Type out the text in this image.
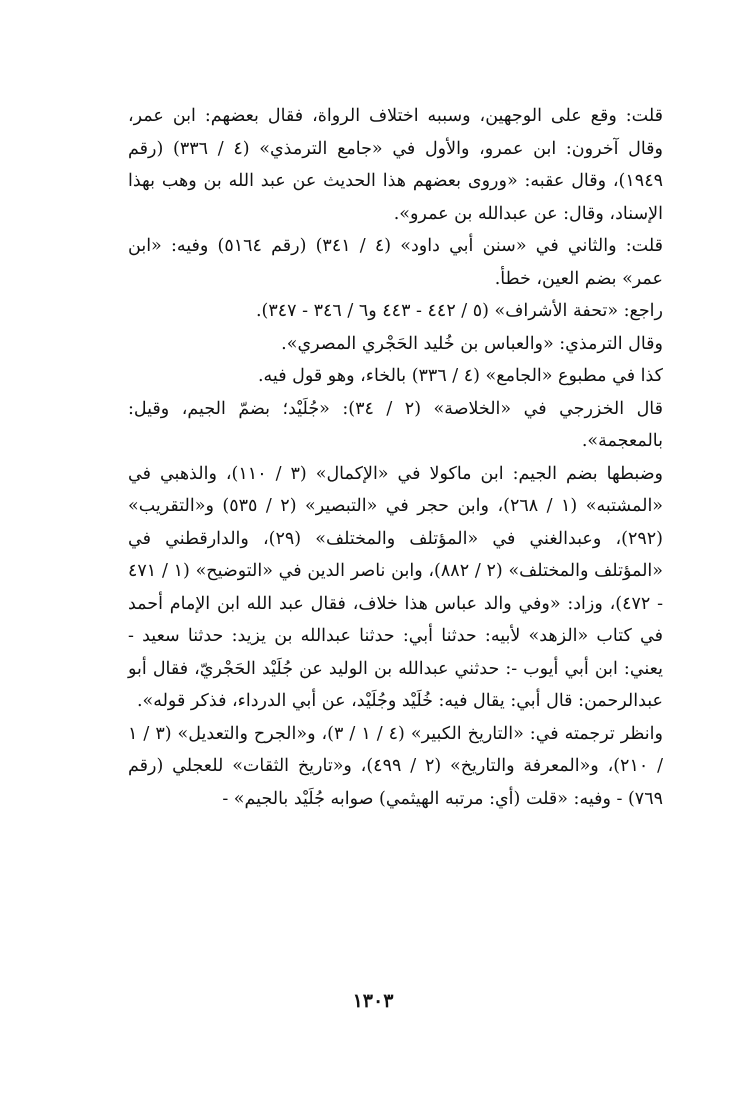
قلت: وقع على الوجهين، وسببه اختلاف الرواة، فقال بعضهم: ابن عمر، وقال آخرون: ابن عمرو، والأول في «جامع الترمذي» (٤ / ٣٣٦) (رقم ١٩٤٩)، وقال عقبه: «وروى بعضهم هذا الحديث عن عبد الله بن وهب بهذا الإسناد، وقال: عن عبدالله بن عمرو».

قلت: والثاني في «سنن أبي داود» (٤ / ٣٤١) (رقم ٥١٦٤) وفيه: «ابن عمر» بضم العين، خطأ.

راجع: «تحفة الأشراف» (٥ / ٤٤٢ - ٤٤٣ و٦ / ٣٤٦ - ٣٤٧).

وقال الترمذي: «والعباس بن خُليد الحَجْري المصري».

كذا في مطبوع «الجامع» (٤ / ٣٣٦) بالخاء، وهو قول فيه.

قال الخزرجي في «الخلاصة» (٢ / ٣٤): «جُلَيْد؛ بضمّ الجيم، وقيل: بالمعجمة».

وضبطها بضم الجيم: ابن ماكولا في «الإكمال» (٣ / ١١٠)، والذهبي في «المشتبه» (١ / ٢٦٨)، وابن حجر في «التبصير» (٢ / ٥٣٥) و«التقريب» (٢٩٢)، وعبدالغني في «المؤتلف والمختلف» (٢٩)، والدارقطني في «المؤتلف والمختلف» (٢ / ٨٨٢)، وابن ناصر الدين في «التوضيح» (١ / ٤٧١ - ٤٧٢)، وزاد: «وفي والد عباس هذا خلاف، فقال عبد الله ابن الإمام أحمد في كتاب «الزهد» لأبيه: حدثنا أبي: حدثنا عبدالله بن يزيد: حدثنا سعيد - يعني: ابن أبي أيوب -: حدثني عبدالله بن الوليد عن جُلَيْد الحَجْريّ، فقال أبو عبدالرحمن: قال أبي: يقال فيه: خُلَيْد وجُلَيْد، عن أبي الدرداء، فذكر قوله».

وانظر ترجمته في: «التاريخ الكبير» (٤ / ١ / ٣)، و«الجرح والتعديل» (٣ / ١ / ٢١٠)، و«المعرفة والتاريخ» (٢ / ٤٩٩)، و«تاريخ الثقات» للعجلي (رقم ٧٦٩) - وفيه: «قلت (أي: مرتبه الهيثمي) صوابه جُلَيْد بالجيم» -

١٣٠٣
